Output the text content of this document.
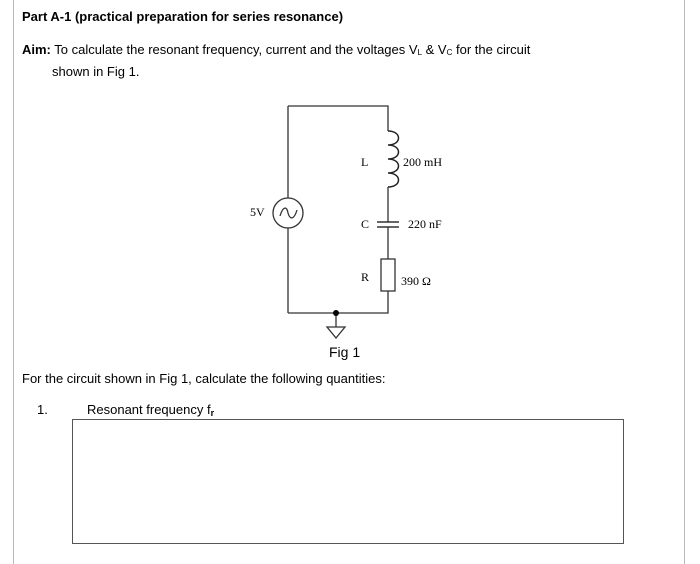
Part A-1 (practical preparation for series resonance)
Aim: To calculate the resonant frequency, current and the voltages $V_L$ & $V_C$ for the circuit
shown in Fig 1.
5V
L	200 mH
C	220 nF
R	390 Ω
Fig 1
For the circuit shown in Fig 1, calculate the following quantities:
1.	Resonant frequency $f_r$
